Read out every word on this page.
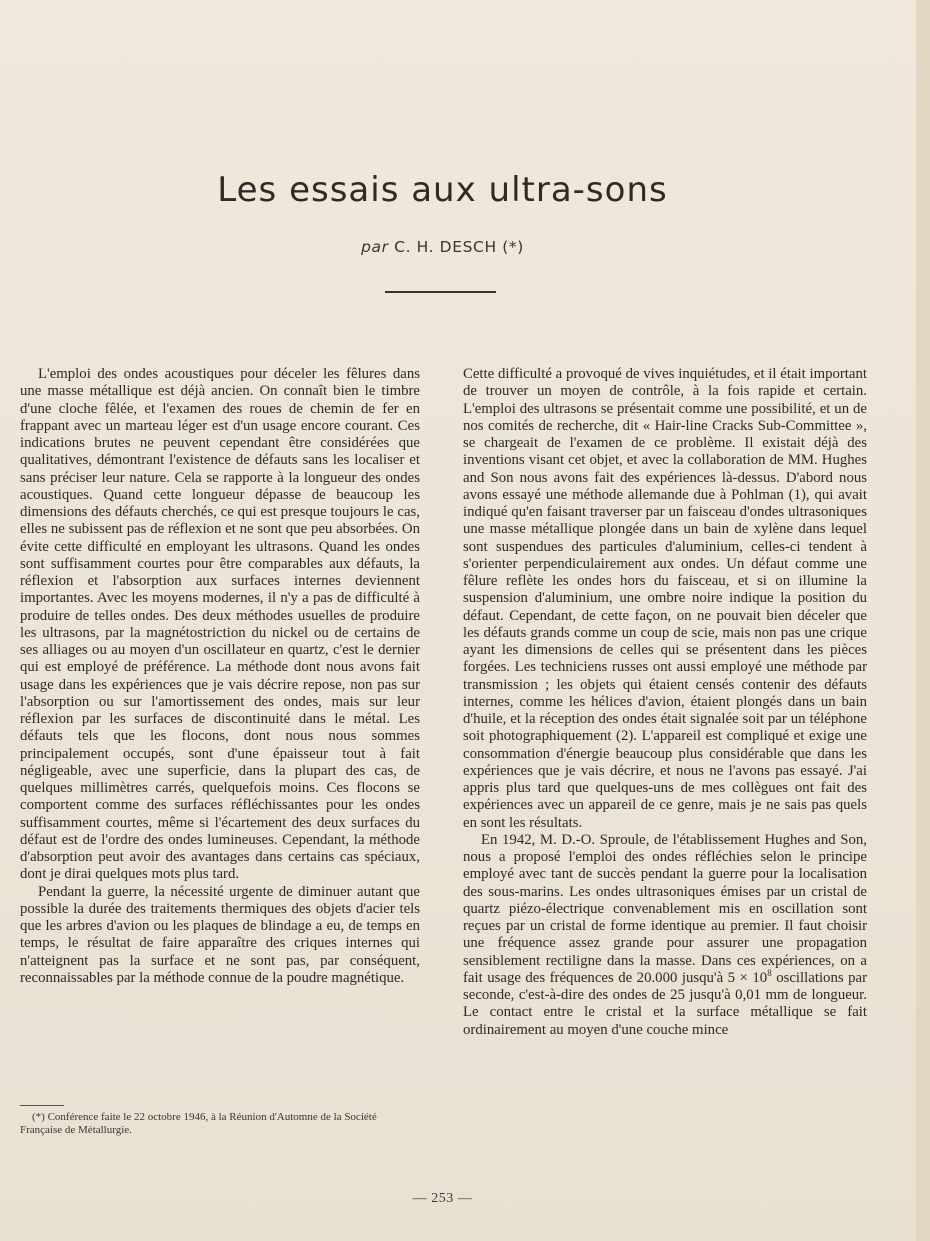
Les essais aux ultra-sons
par C. H. DESCH (*)

L'emploi des ondes acoustiques pour déceler les fêlures dans une masse métallique est déjà ancien. On connaît bien le timbre d'une cloche fêlée, et l'examen des roues de chemin de fer en frappant avec un marteau léger est d'un usage encore courant. Ces indications brutes ne peuvent cependant être considérées que qualitatives, démontrant l'existence de défauts sans les localiser et sans préciser leur nature. Cela se rapporte à la longueur des ondes acoustiques. Quand cette longueur dépasse de beaucoup les dimensions des défauts cherchés, ce qui est presque toujours le cas, elles ne subissent pas de réflexion et ne sont que peu absorbées. On évite cette difficulté en employant les ultrasons. Quand les ondes sont suffisamment courtes pour être comparables aux défauts, la réflexion et l'absorption aux surfaces internes deviennent importantes. Avec les moyens modernes, il n'y a pas de difficulté à produire de telles ondes. Des deux méthodes usuelles de produire les ultrasons, par la magnétostriction du nickel ou de certains de ses alliages ou au moyen d'un oscillateur en quartz, c'est le dernier qui est employé de préférence. La méthode dont nous avons fait usage dans les expériences que je vais décrire repose, non pas sur l'absorption ou sur l'amortissement des ondes, mais sur leur réflexion par les surfaces de discontinuité dans le métal. Les défauts tels que les flocons, dont nous nous sommes principalement occupés, sont d'une épaisseur tout à fait négligeable, avec une superficie, dans la plupart des cas, de quelques millimètres carrés, quelquefois moins. Ces flocons se comportent comme des surfaces réfléchissantes pour les ondes suffisamment courtes, même si l'écartement des deux surfaces du défaut est de l'ordre des ondes lumineuses. Cependant, la méthode d'absorption peut avoir des avantages dans certains cas spéciaux, dont je dirai quelques mots plus tard.

Pendant la guerre, la nécessité urgente de diminuer autant que possible la durée des traitements thermiques des objets d'acier tels que les arbres d'avion ou les plaques de blindage a eu, de temps en temps, le résultat de faire apparaître des criques internes qui n'atteignent pas la surface et ne sont pas, par conséquent, reconnaissables par la méthode connue de la poudre magnétique.

(*) Conférence faite le 22 octobre 1946, à la Réunion d'Automne de la Société Française de Métallurgie.

Cette difficulté a provoqué de vives inquiétudes, et il était important de trouver un moyen de contrôle, à la fois rapide et certain. L'emploi des ultrasons se présentait comme une possibilité, et un de nos comités de recherche, dit « Hair-line Cracks Sub-Committee », se chargeait de l'examen de ce problème. Il existait déjà des inventions visant cet objet, et avec la collaboration de MM. Hughes and Son nous avons fait des expériences là-dessus. D'abord nous avons essayé une méthode allemande due à Pohlman (1), qui avait indiqué qu'en faisant traverser par un faisceau d'ondes ultrasoniques une masse métallique plongée dans un bain de xylène dans lequel sont suspendues des particules d'aluminium, celles-ci tendent à s'orienter perpendiculairement aux ondes. Un défaut comme une fêlure reflète les ondes hors du faisceau, et si on illumine la suspension d'aluminium, une ombre noire indique la position du défaut. Cependant, de cette façon, on ne pouvait bien déceler que les défauts grands comme un coup de scie, mais non pas une crique ayant les dimensions de celles qui se présentent dans les pièces forgées. Les techniciens russes ont aussi employé une méthode par transmission ; les objets qui étaient censés contenir des défauts internes, comme les hélices d'avion, étaient plongés dans un bain d'huile, et la réception des ondes était signalée soit par un téléphone soit photographiquement (2). L'appareil est compliqué et exige une consommation d'énergie beaucoup plus considérable que dans les expériences que je vais décrire, et nous ne l'avons pas essayé. J'ai appris plus tard que quelques-uns de mes collègues ont fait des expériences avec un appareil de ce genre, mais je ne sais pas quels en sont les résultats.

En 1942, M. D.-O. Sproule, de l'établissement Hughes and Son, nous a proposé l'emploi des ondes réfléchies selon le principe employé avec tant de succès pendant la guerre pour la localisation des sous-marins. Les ondes ultrasoniques émises par un cristal de quartz piézo-électrique convenablement mis en oscillation sont reçues par un cristal de forme identique au premier. Il faut choisir une fréquence assez grande pour assurer une propagation sensiblement rectiligne dans la masse. Dans ces expériences, on a fait usage des fréquences de 20.000 jusqu'à $5 \times 10^8$ oscillations par seconde, c'est-à-dire des ondes de 25 jusqu'à 0,01 mm de longueur. Le contact entre le cristal et la surface métallique se fait ordinairement au moyen d'une couche mince

— 253 —
